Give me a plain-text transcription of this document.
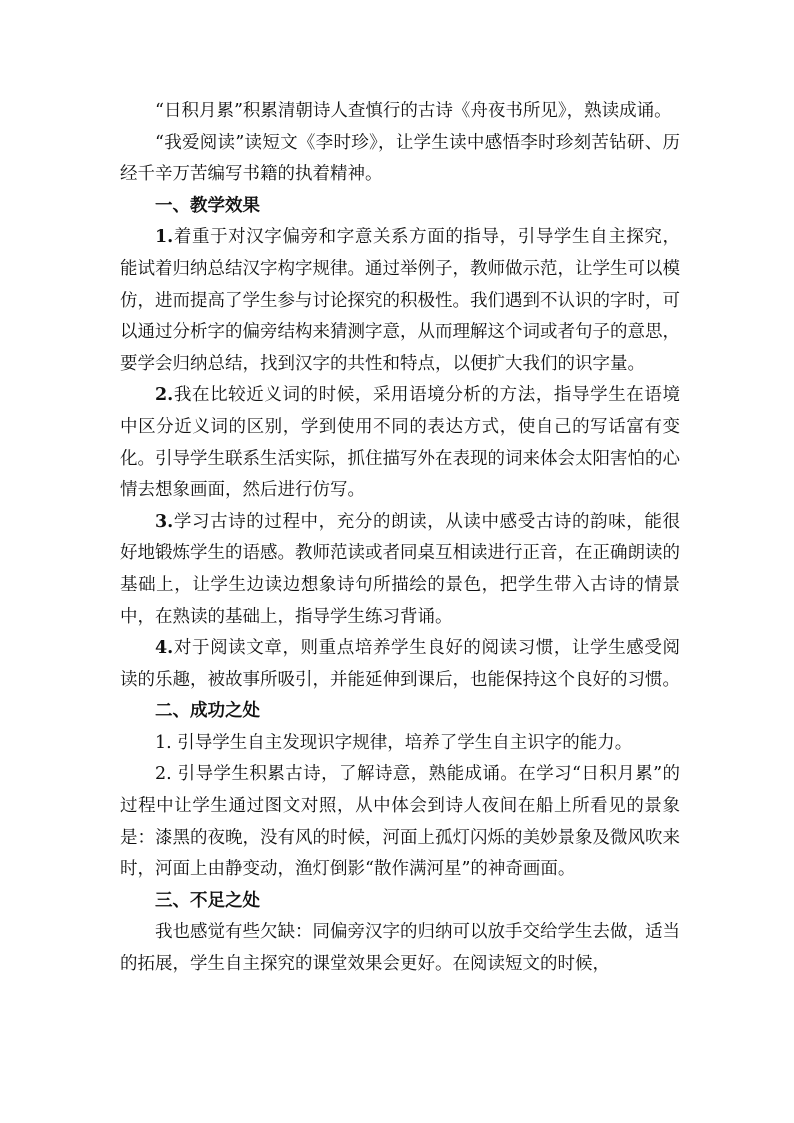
“日积月累”积累清朝诗人查慎行的古诗《舟夜书所见》，熟读成诵。

“我爱阅读”读短文《李时珍》，让学生读中感悟李时珍刻苦钻研、历经千辛万苦编写书籍的执着精神。

一、教学效果

1.着重于对汉字偏旁和字意关系方面的指导，引导学生自主探究，能试着归纳总结汉字构字规律。通过举例子，教师做示范，让学生可以模仿，进而提高了学生参与讨论探究的积极性。我们遇到不认识的字时，可以通过分析字的偏旁结构来猜测字意，从而理解这个词或者句子的意思，要学会归纳总结，找到汉字的共性和特点，以便扩大我们的识字量。

2.我在比较近义词的时候，采用语境分析的方法，指导学生在语境中区分近义词的区别，学到使用不同的表达方式，使自己的写话富有变化。引导学生联系生活实际，抓住描写外在表现的词来体会太阳害怕的心情去想象画面，然后进行仿写。

3.学习古诗的过程中，充分的朗读，从读中感受古诗的韵味，能很好地锻炼学生的语感。教师范读或者同桌互相读进行正音，在正确朗读的基础上，让学生边读边想象诗句所描绘的景色，把学生带入古诗的情景中，在熟读的基础上，指导学生练习背诵。

4.对于阅读文章，则重点培养学生良好的阅读习惯，让学生感受阅读的乐趣，被故事所吸引，并能延伸到课后，也能保持这个良好的习惯。

二、成功之处

1. 引导学生自主发现识字规律，培养了学生自主识字的能力。

2. 引导学生积累古诗，了解诗意，熟能成诵。在学习“日积月累”的过程中让学生通过图文对照，从中体会到诗人夜间在船上所看见的景象是：漆黑的夜晚，没有风的时候，河面上孤灯闪烁的美妙景象及微风吹来时，河面上由静变动，渔灯倒影“散作满河星”的神奇画面。

三、不足之处

我也感觉有些欠缺：同偏旁汉字的归纳可以放手交给学生去做，适当的拓展，学生自主探究的课堂效果会更好。在阅读短文的时候，
